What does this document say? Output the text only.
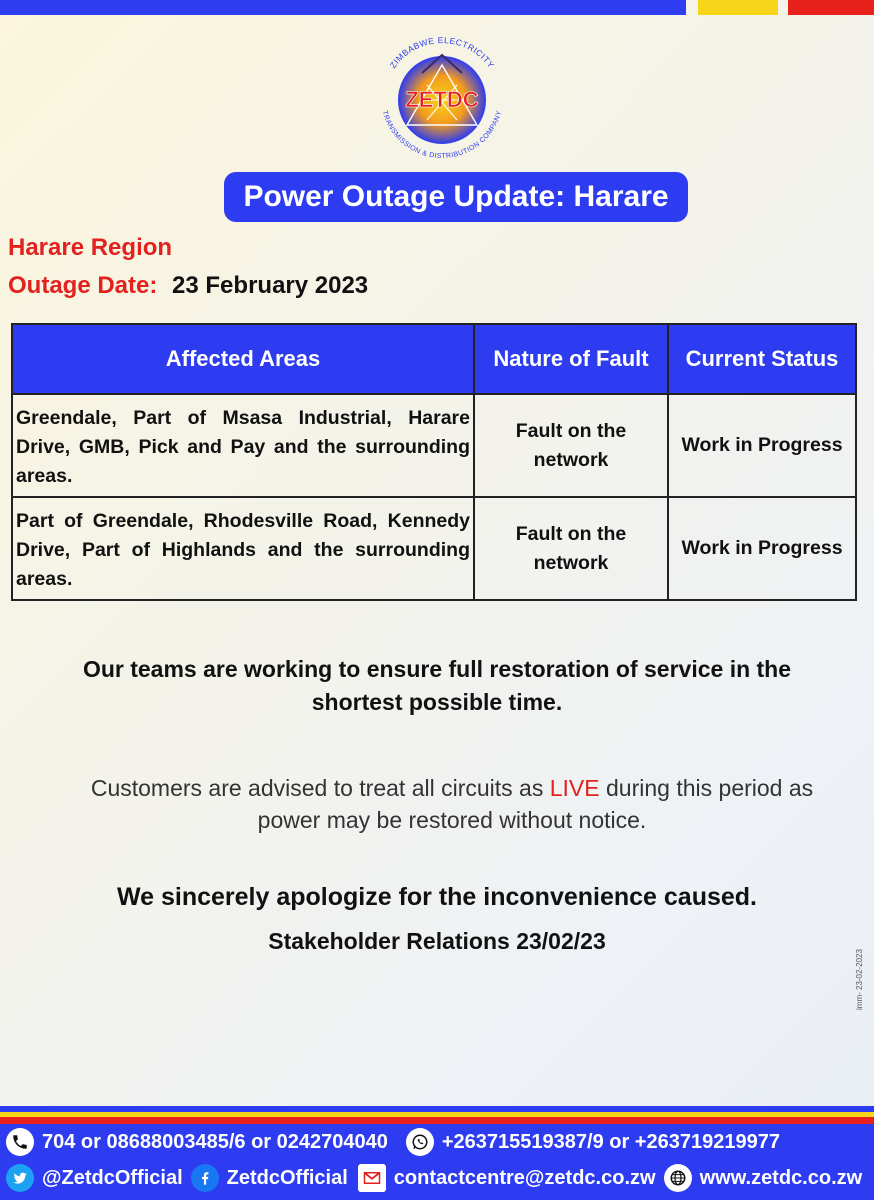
ZETDC
ZIMBABWE ELECTRICITY
TRANSMISSION & DISTRIBUTION COMPANY
Power Outage Update: Harare
Harare Region
Outage Date: 23 February 2023
Affected Areas	Nature of Fault	Current Status
Greendale, Part of Msasa Industrial, Harare Drive, GMB, Pick and Pay and the surrounding areas.	Fault on the network	Work in Progress
Part of Greendale, Rhodesville Road, Kennedy Drive, Part of Highlands and the surrounding areas.	Fault on the network	Work in Progress
Our teams are working to ensure full restoration of service in the shortest possible time.
Customers are advised to treat all circuits as LIVE during this period as power may be restored without notice.
We sincerely apologize for the inconvenience caused.
Stakeholder Relations 23/02/23
imm- 23-02-2023
704 or 08688003485/6 or 0242704040	+263715519387/9 or +263719219977
@ZetdcOfficial ZetdcOfficial contactcentre@zetdc.co.zw www.zetdc.co.zw
